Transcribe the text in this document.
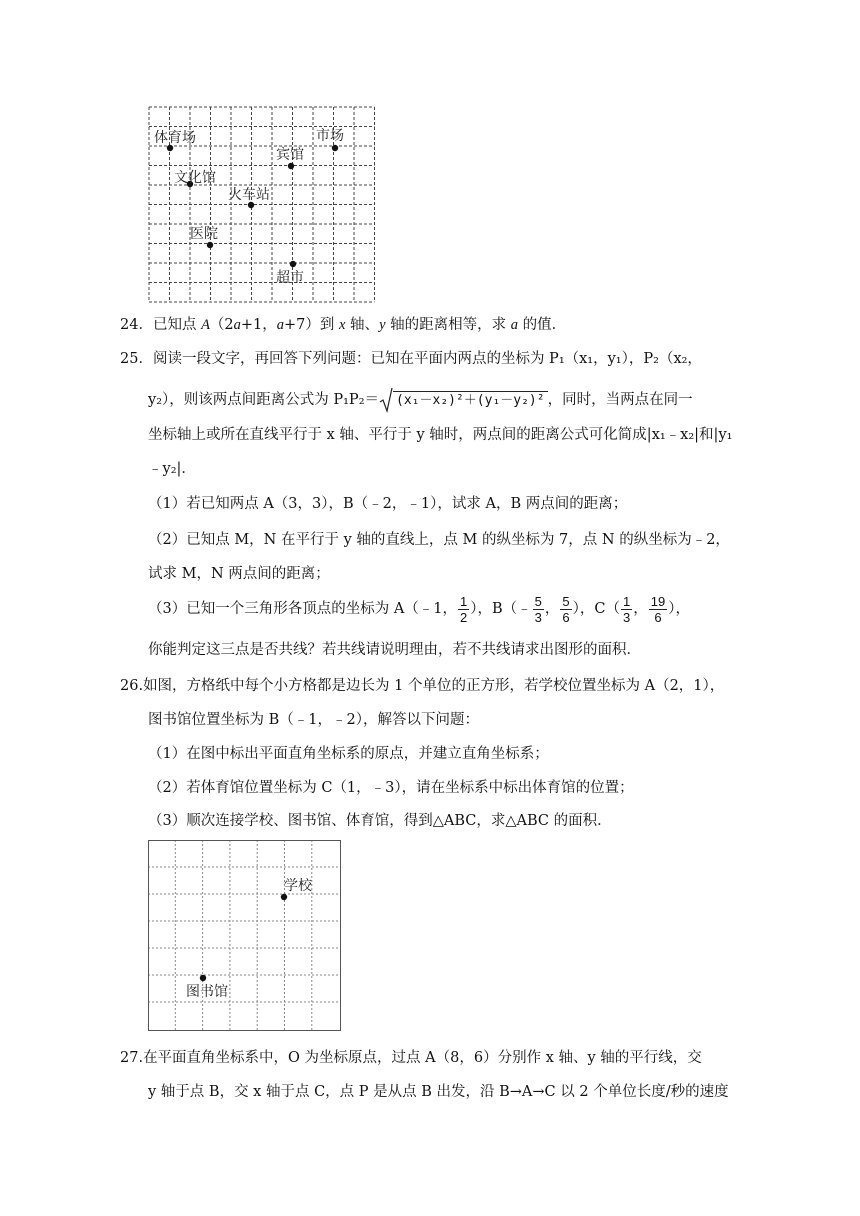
体育场	市场
宾馆
文化馆
火车站
医院
超市
24．已知点 A（2a+1，a+7）到 x 轴、y 轴的距离相等，求 a 的值．
25．阅读一段文字，再回答下列问题：已知在平面内两点的坐标为 P₁（x₁，y₁），P₂（x₂，
y₂），则该两点间距离公式为 P₁P₂＝ (x₁－x₂)²＋(y₁－y₂)² ，同时，当两点在同一
坐标轴上或所在直线平行于 x 轴、平行于 y 轴时，两点间的距离公式可化简成|x₁﹣x₂|和|y₁
﹣y₂|．
（1）若已知两点 A（3，3），B（﹣2，﹣1），试求 A，B 两点间的距离；
（2）已知点 M，N 在平行于 y 轴的直线上，点 M 的纵坐标为 7，点 N 的纵坐标为﹣2，
试求 M，N 两点间的距离；
（3）已知一个三角形各顶点的坐标为 A（﹣1， $\frac{1}{2}$ ），B（﹣ $\frac{5}{3}$ ， $\frac{5}{6}$ ），$C( \frac{1}{3}$ ， $\frac{19}{6}$ ），
你能判定这三点是否共线？若共线请说明理由，若不共线请求出图形的面积．
26.如图，方格纸中每个小方格都是边长为 1 个单位的正方形，若学校位置坐标为 A（2，1），
图书馆位置坐标为 B（﹣1，﹣2），解答以下问题：
（1）在图中标出平面直角坐标系的原点，并建立直角坐标系；
（2）若体育馆位置坐标为 C（1，﹣3），请在坐标系中标出体育馆的位置；
（3）顺次连接学校、图书馆、体育馆，得到△ABC，求△ABC 的面积．
学校
图书馆
27.在平面直角坐标系中，O 为坐标原点，过点 A（8，6）分别作 x 轴、y 轴的平行线，交
y 轴于点 B，交 x 轴于点 C，点 P 是从点 B 出发，沿 B→A→C 以 2 个单位长度/秒的速度
